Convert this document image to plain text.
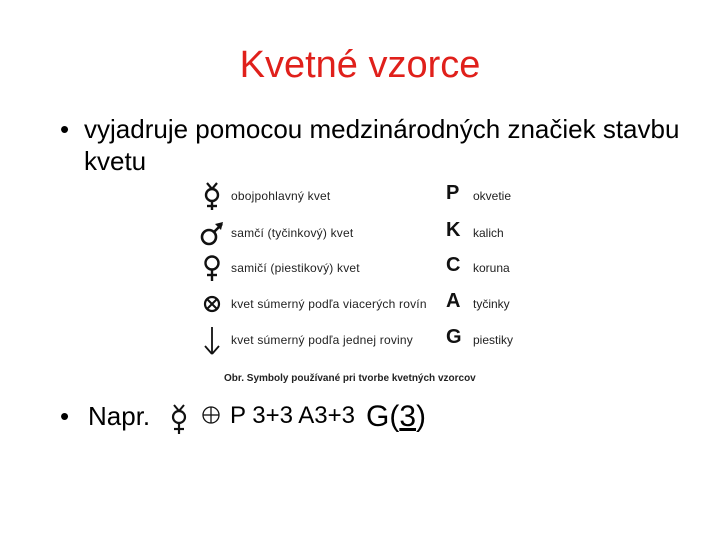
Kvetné vzorce
• vyjadruje pomocou medzinárodných značiek stavbu kvetu
obojpohlavný kvet	P okvetie
samčí (tyčinkový) kvet	K kalich
samičí (piestikový) kvet	C koruna
kvet súmerný podľa viacerých rovín A tyčinky
kvet súmerný podľa jednej roviny G piestiky
Obr. Symboly používané pri tvorbe kvetných vzorcov
• Napr.	P 3+3 A3+3 G(3)
